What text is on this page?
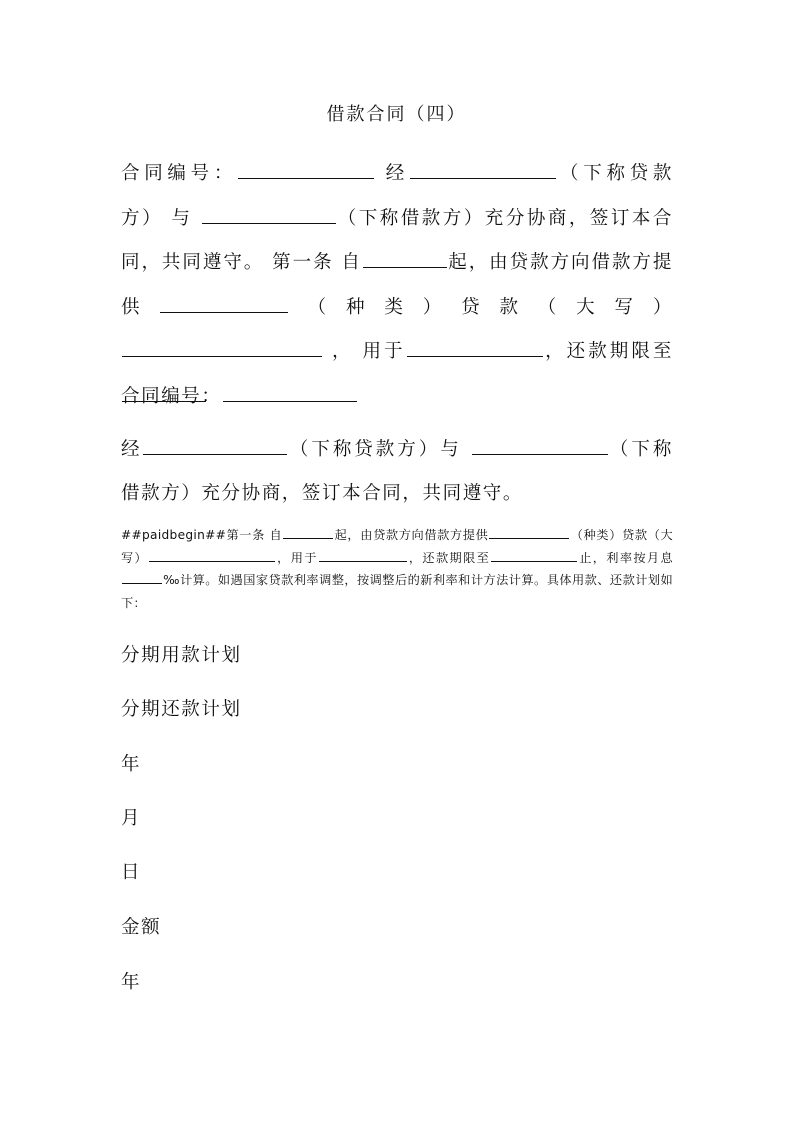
借款合同（四）
合同编号：	经	（下称贷款方） 与	（下称借款方）充分协商，签订本合同，共同遵守。 第一条 自	起，由贷款方向借款方提供	（种类）贷款（大写） ， 用于	，还款期限至
合同编号：
经	（下称贷款方）与	（下称借款方）充分协商，签订本合同，共同遵守。
##paidbegin##第一条 自	起，由贷款方向借款方提供	（种类）贷款（大写）	，用于	，还款期限至	止，利率按月息‰计算。如遇国家贷款利率调整，按调整后的新利率和计方法计算。具体用款、还款计划如下：
分期用款计划
分期还款计划
年
月
日
金额
年
